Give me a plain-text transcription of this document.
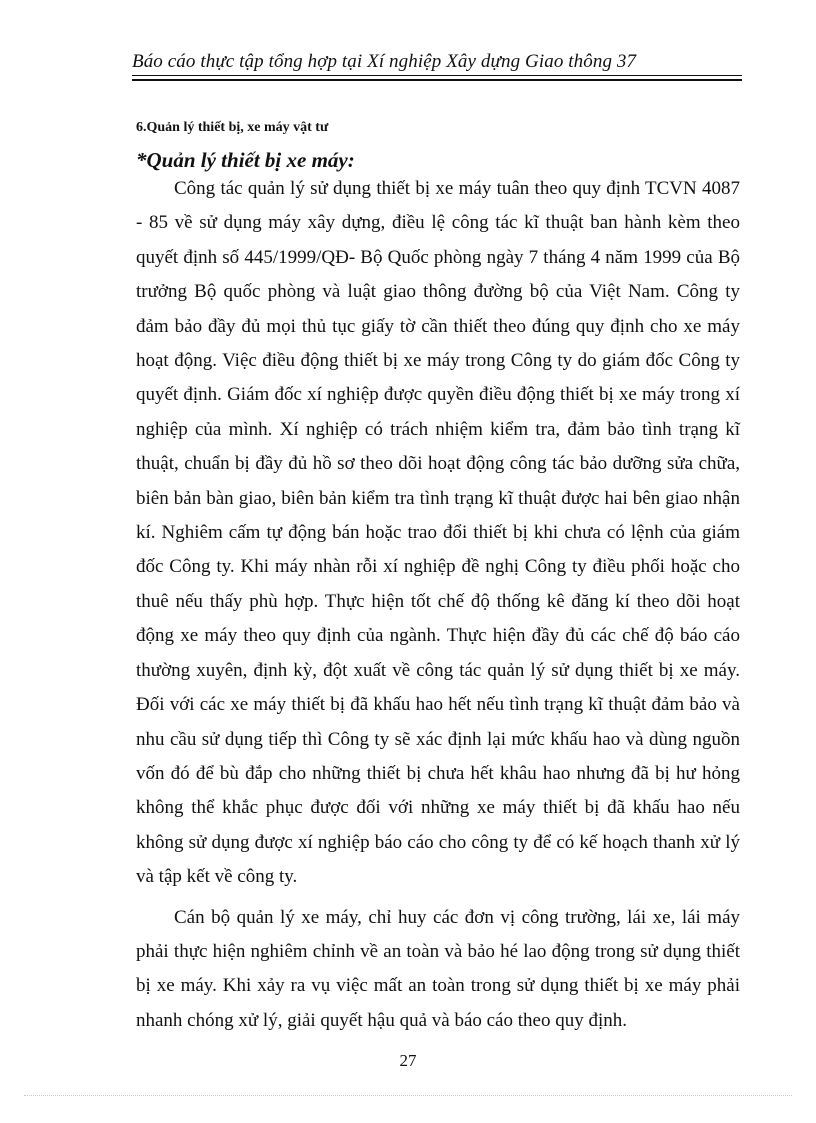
Báo cáo thực tập tổng hợp tại Xí nghiệp Xây dựng Giao thông 37
6.Quản lý thiết bị, xe máy vật tư
*Quản lý thiết bị xe máy:

Công tác quản lý sử dụng thiết bị xe máy tuân theo quy định TCVN 4087 - 85 về sử dụng máy xây dựng, điều lệ công tác kĩ thuật ban hành kèm theo quyết định số 445/1999/QĐ- Bộ Quốc phòng ngày 7 tháng 4 năm 1999 của Bộ trưởng Bộ quốc phòng và luật giao thông đường bộ của Việt Nam. Công ty đảm bảo đầy đủ mọi thủ tục giấy tờ cần thiết theo đúng quy định cho xe máy hoạt động. Việc điều động thiết bị xe máy trong Công ty do giám đốc Công ty quyết định. Giám đốc xí nghiệp được quyền điều động thiết bị xe máy trong xí nghiệp của mình. Xí nghiệp có trách nhiệm kiểm tra, đảm bảo tình trạng kĩ thuật, chuẩn bị đầy đủ hồ sơ theo dõi hoạt động công tác bảo dưỡng sửa chữa, biên bản bàn giao, biên bản kiểm tra tình trạng kĩ thuật được hai bên giao nhận kí. Nghiêm cấm tự động bán hoặc trao đổi thiết bị khi chưa có lệnh của giám đốc Công ty. Khi máy nhàn rỗi xí nghiệp đề nghị Công ty điều phối hoặc cho thuê nếu thấy phù hợp. Thực hiện tốt chế độ thống kê đăng kí theo dõi hoạt động xe máy theo quy định của ngành. Thực hiện đầy đủ các chế độ báo cáo thường xuyên, định kỳ, đột xuất về công tác quản lý sử dụng thiết bị xe máy. Đối với các xe máy thiết bị đã khấu hao hết nếu tình trạng kĩ thuật đảm bảo và nhu cầu sử dụng tiếp thì Công ty sẽ xác định lại mức khấu hao và dùng nguồn vốn đó để bù đắp cho những thiết bị chưa hết khâu hao nhưng đã bị hư hỏng không thể khắc phục được đối với những xe máy thiết bị đã khấu hao nếu không sử dụng được xí nghiệp báo cáo cho công ty để có kế hoạch thanh xử lý và tập kết về công ty.

Cán bộ quản lý xe máy, chỉ huy các đơn vị công trường, lái xe, lái máy phải thực hiện nghiêm chỉnh về an toàn và bảo hé lao động trong sử dụng thiết bị xe máy. Khi xảy ra vụ việc mất an toàn trong sử dụng thiết bị xe máy phải nhanh chóng xử lý, giải quyết hậu quả và báo cáo theo quy định.

27
